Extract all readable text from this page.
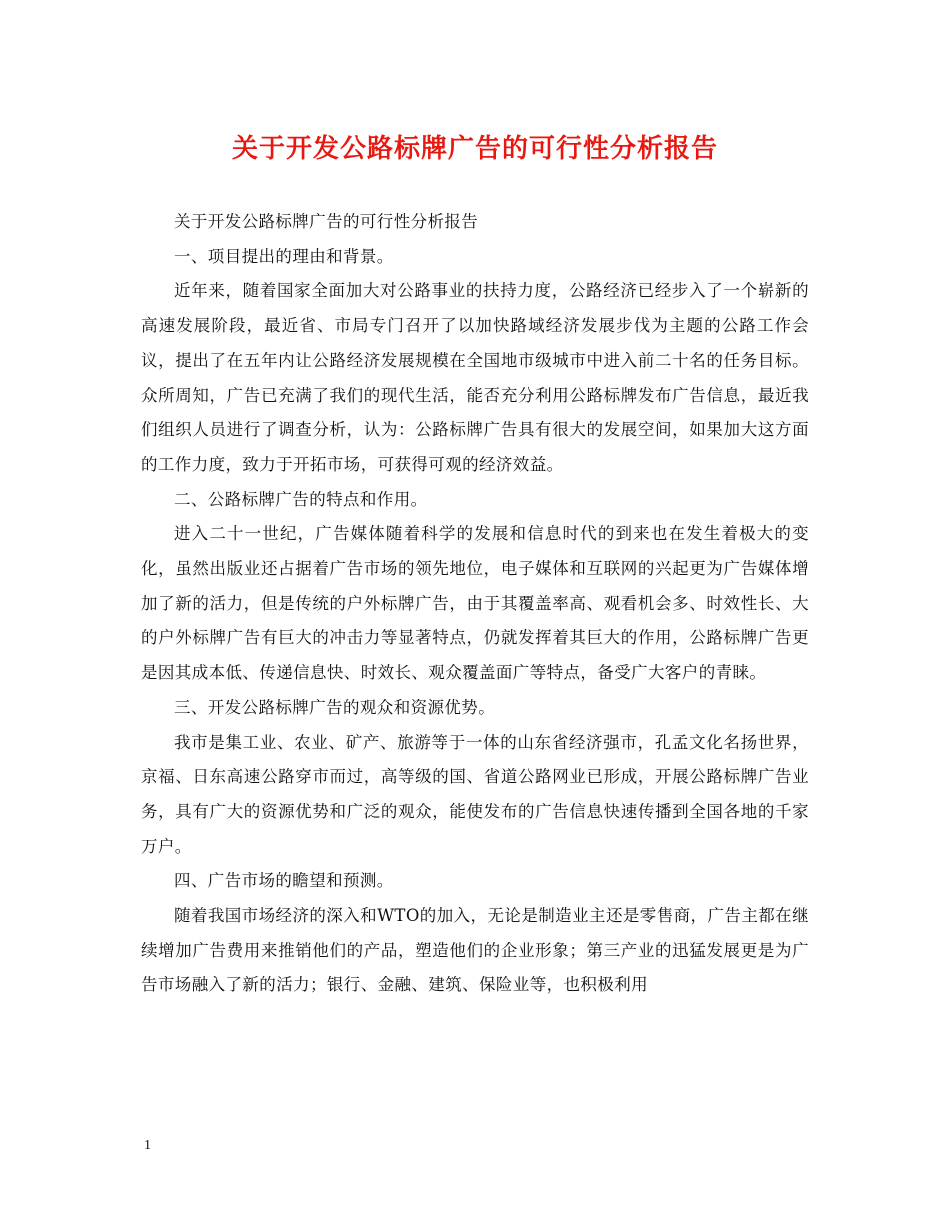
关于开发公路标牌广告的可行性分析报告

关于开发公路标牌广告的可行性分析报告

一、项目提出的理由和背景。

近年来，随着国家全面加大对公路事业的扶持力度，公路经济已经步入了一个崭新的高速发展阶段，最近省、市局专门召开了以加快路域经济发展步伐为主题的公路工作会议，提出了在五年内让公路经济发展规模在全国地市级城市中进入前二十名的任务目标。众所周知，广告已充满了我们的现代生活，能否充分利用公路标牌发布广告信息，最近我们组织人员进行了调查分析，认为：公路标牌广告具有很大的发展空间，如果加大这方面的工作力度，致力于开拓市场，可获得可观的经济效益。

二、公路标牌广告的特点和作用。

进入二十一世纪，广告媒体随着科学的发展和信息时代的到来也在发生着极大的变化，虽然出版业还占据着广告市场的领先地位，电子媒体和互联网的兴起更为广告媒体增加了新的活力，但是传统的户外标牌广告，由于其覆盖率高、观看机会多、时效性长、大的户外标牌广告有巨大的冲击力等显著特点，仍就发挥着其巨大的作用，公路标牌广告更是因其成本低、传递信息快、时效长、观众覆盖面广等特点，备受广大客户的青睐。

三、开发公路标牌广告的观众和资源优势。

我市是集工业、农业、矿产、旅游等于一体的山东省经济强市，孔孟文化名扬世界，京福、日东高速公路穿市而过，高等级的国、省道公路网业已形成，开展公路标牌广告业务，具有广大的资源优势和广泛的观众，能使发布的广告信息快速传播到全国各地的千家万户。

四、广告市场的瞻望和预测。

随着我国市场经济的深入和WTO的加入，无论是制造业主还是零售商，广告主都在继续增加广告费用来推销他们的产品，塑造他们的企业形象；第三产业的迅猛发展更是为广告市场融入了新的活力；银行、金融、建筑、保险业等，也积极利用

1
